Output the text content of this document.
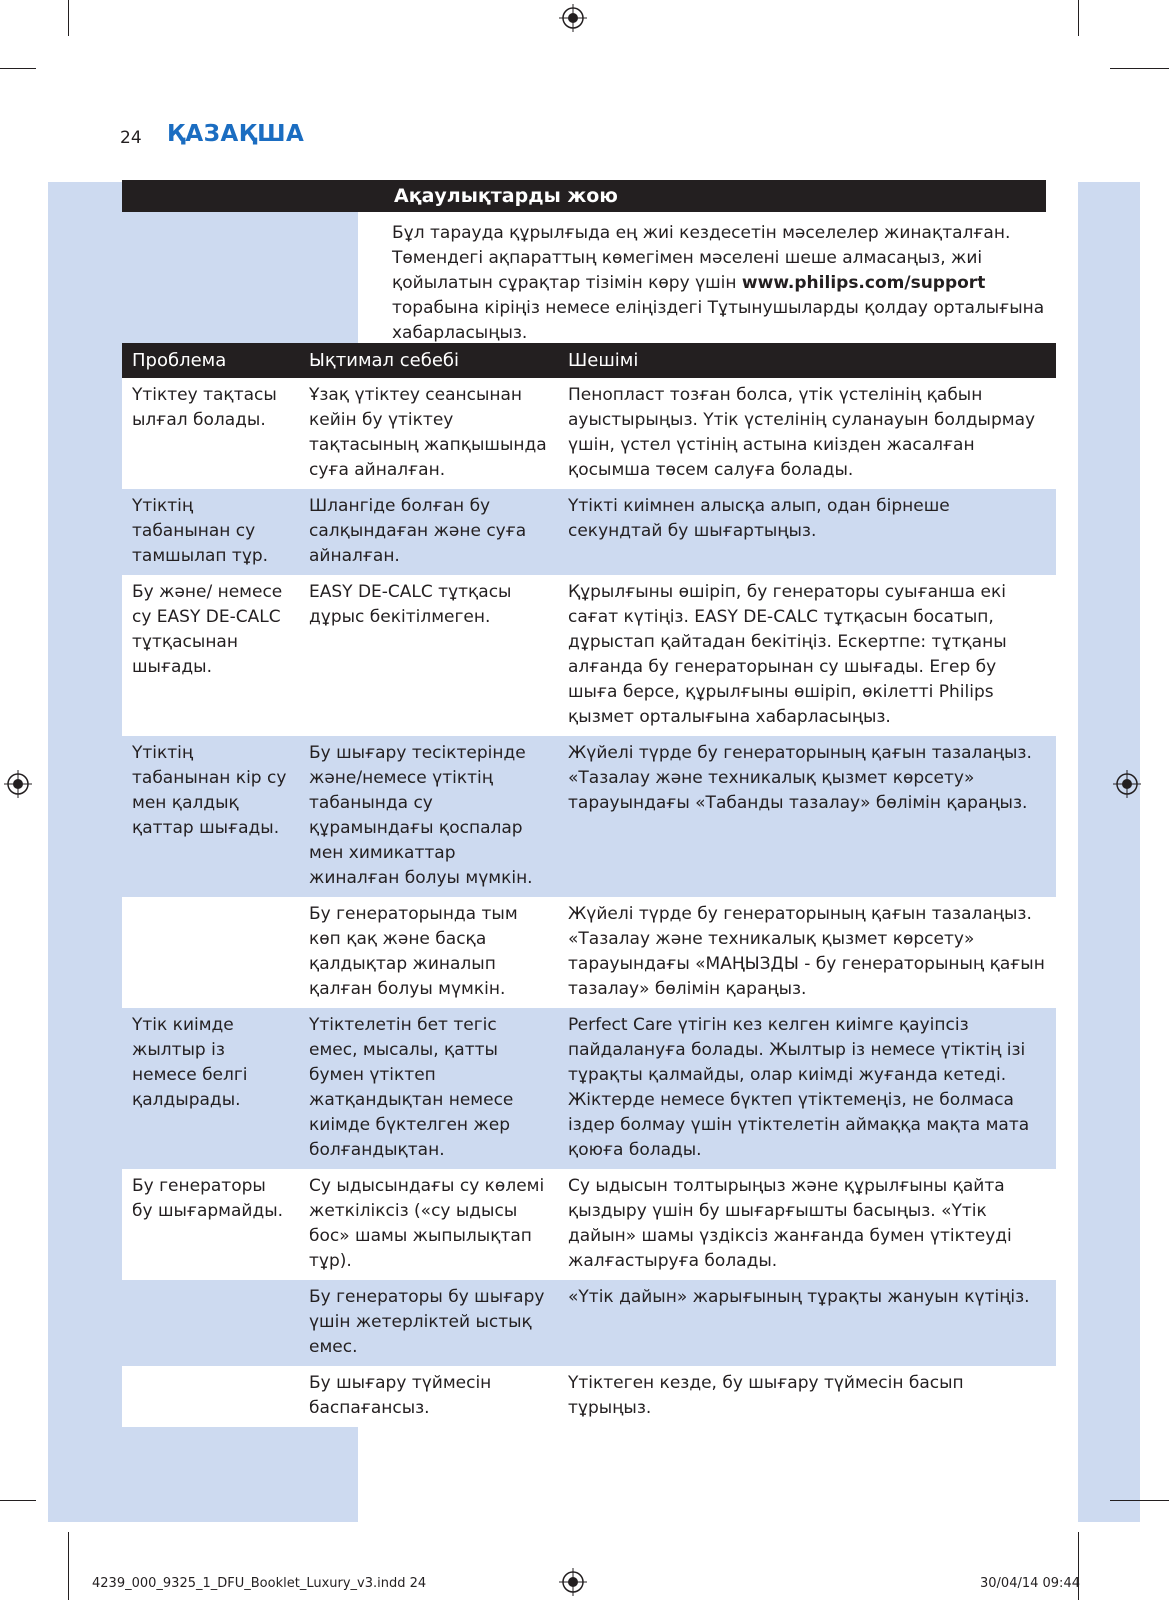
24 ҚАЗАҚША
Ақаулықтарды жою
Бұл тарауда құрылғыда ең жиі кездесетін мәселелер жинақталған. Төмендегі ақпараттың көмегімен мәселені шеше алмасаңыз, жиі қойылатын сұрақтар тізімін көру үшін www.philips.com/support торабына кіріңіз немесе еліңіздегі Тұтынушыларды қолдау орталығына хабарласыңыз.
Проблема	Ықтимал себебі	Шешімі
Үтіктеу тақтасы ылғал болады.	Ұзақ үтіктеу сеансынан кейін бу үтіктеу тақтасының жапқышында суға айналған.	Пенопласт тозған болса, үтік үстелінің қабын ауыстырыңыз. Үтік үстелінің суланауын болдырмау үшін, үстел үстінің астына киізден жасалған қосымша төсем салуға болады.
Үтіктің табанынан су тамшылап тұр.	Шлангіде болған бу салқындаған және суға айналған.	Үтікті киімнен алысқа алып, одан бірнеше секундтай бу шығартыңыз.
Бу және/ немесе су EASY DE-CALC тұтқасынан шығады.	EASY DE-CALC тұтқасы дұрыс бекітілмеген.	Құрылғыны өшіріп, бу генераторы суығанша екі сағат күтіңіз. EASY DE-CALC тұтқасын босатып, дұрыстап қайтадан бекітіңіз. Ескертпе: тұтқаны алғанда бу генераторынан су шығады. Егер бу шыға берсе, құрылғыны өшіріп, өкілетті Philips қызмет орталығына хабарласыңыз.
Үтіктің табанынан кір су мен қалдық қаттар шығады.	Бу шығару тесіктерінде және/немесе үтіктің табанында су құрамындағы қоспалар мен химикаттар жиналған болуы мүмкін.	Жүйелі түрде бу генераторының қағын тазалаңыз. «Тазалау және техникалық қызмет көрсету» тарауындағы «Табанды тазалау» бөлімін қараңыз.
	Бу генераторында тым көп қақ және басқа қалдықтар жиналып қалған болуы мүмкін.	Жүйелі түрде бу генераторының қағын тазалаңыз. «Тазалау және техникалық қызмет көрсету» тарауындағы «МАҢЫЗДЫ - бу генераторының қағын тазалау» бөлімін қараңыз.
Үтік киімде жылтыр із немесе белгі қалдырады.	Үтіктелетін бет тегіс емес, мысалы, қатты бумен үтіктеп жатқандықтан немесе киімде бүктелген жер болғандықтан.	Perfect Care үтігін кез келген киімге қауіпсіз пайдалануға болады. Жылтыр із немесе үтіктің ізі тұрақты қалмайды, олар киімді жуғанда кетеді. Жіктерде немесе бүктеп үтіктемеңіз, не болмаса іздер болмау үшін үтіктелетін аймаққа мақта мата қоюға болады.
Бу генераторы бу шығармайды.	Су ыдысындағы су көлемі жеткіліксіз («су ыдысы бос» шамы жыпылықтап тұр).	Су ыдысын толтырыңыз және құрылғыны қайта қыздыру үшін бу шығарғышты басыңыз. «Үтік дайын» шамы үздіксіз жанғанда бумен үтіктеуді жалғастыруға болады.
	Бу генераторы бу шығару үшін жетерліктей ыстық емес.	«Үтік дайын» жарығының тұрақты жануын күтіңіз.
	Бу шығару түймесін баспағансыз.	Үтіктеген кезде, бу шығару түймесін басып тұрыңыз.
4239_000_9325_1_DFU_Booklet_Luxury_v3.indd 24	30/04/14 09:44
